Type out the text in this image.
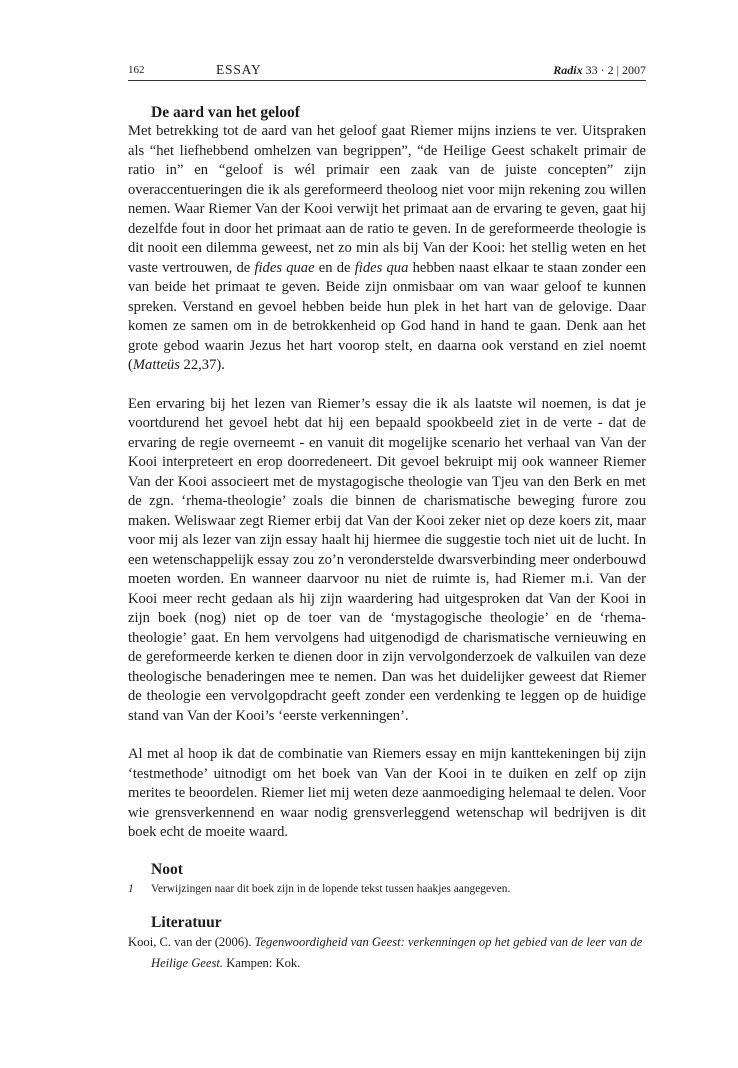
162	ESSAY	Radix 33 · 2 | 2007
De aard van het geloof

Met betrekking tot de aard van het geloof gaat Riemer mijns inziens te ver. Uitspraken als “het liefhebbend omhelzen van begrippen”, “de Heilige Geest schakelt primair de ratio in” en “geloof is wél primair een zaak van de juiste concepten” zijn overaccentueringen die ik als gereformeerd theoloog niet voor mijn rekening zou willen nemen. Waar Riemer Van der Kooi verwijt het primaat aan de ervaring te geven, gaat hij dezelfde fout in door het primaat aan de ratio te geven. In de gereformeerde theologie is dit nooit een dilemma geweest, net zo min als bij Van der Kooi: het stellig weten en het vaste vertrouwen, de fides quae en de fides qua hebben naast elkaar te staan zonder een van beide het primaat te geven. Beide zijn onmisbaar om van waar geloof te kunnen spreken. Verstand en gevoel hebben beide hun plek in het hart van de gelovige. Daar komen ze samen om in de betrokkenheid op God hand in hand te gaan. Denk aan het grote gebod waarin Jezus het hart voorop stelt, en daarna ook verstand en ziel noemt (Matteüs 22,37).

Een ervaring bij het lezen van Riemer’s essay die ik als laatste wil noemen, is dat je voortdurend het gevoel hebt dat hij een bepaald spookbeeld ziet in de verte - dat de ervaring de regie overneemt - en vanuit dit mogelijke scenario het verhaal van Van der Kooi interpreteert en erop doorredeneert. Dit gevoel bekruipt mij ook wanneer Riemer Van der Kooi associeert met de mystagogische theologie van Tjeu van den Berk en met de zgn. ‘rhema-theologie’ zoals die binnen de charismatische beweging furore zou maken. Weliswaar zegt Riemer erbij dat Van der Kooi zeker niet op deze koers zit, maar voor mij als lezer van zijn essay haalt hij hiermee die suggestie toch niet uit de lucht. In een wetenschappelijk essay zou zo’n veronderstelde dwarsverbinding meer onderbouwd moeten worden. En wanneer daarvoor nu niet de ruimte is, had Riemer m.i. Van der Kooi meer recht gedaan als hij zijn waardering had uitgesproken dat Van der Kooi in zijn boek (nog) niet op de toer van de ‘mystagogische theologie’ en de ‘rhema-theologie’ gaat. En hem vervolgens had uitgenodigd de charismatische vernieuwing en de gereformeerde kerken te dienen door in zijn vervolgonderzoek de valkuilen van deze theologische benaderingen mee te nemen. Dan was het duidelijker geweest dat Riemer de theologie een vervolgopdracht geeft zonder een verdenking te leggen op de huidige stand van Van der Kooi’s ‘eerste verkenningen’.

Al met al hoop ik dat de combinatie van Riemers essay en mijn kanttekeningen bij zijn ‘testmethode’ uitnodigt om het boek van Van der Kooi in te duiken en zelf op zijn merites te beoordelen. Riemer liet mij weten deze aanmoediging helemaal te delen. Voor wie grensverkennend en waar nodig grensverleggend wetenschap wil bedrijven is dit boek echt de moeite waard.

Noot
1	Verwijzingen naar dit boek zijn in de lopende tekst tussen haakjes aangegeven.
Literatuur

Kooi, C. van der (2006). Tegenwoordigheid van Geest: verkenningen op het gebied van de leer van de Heilige Geest. Kampen: Kok.
